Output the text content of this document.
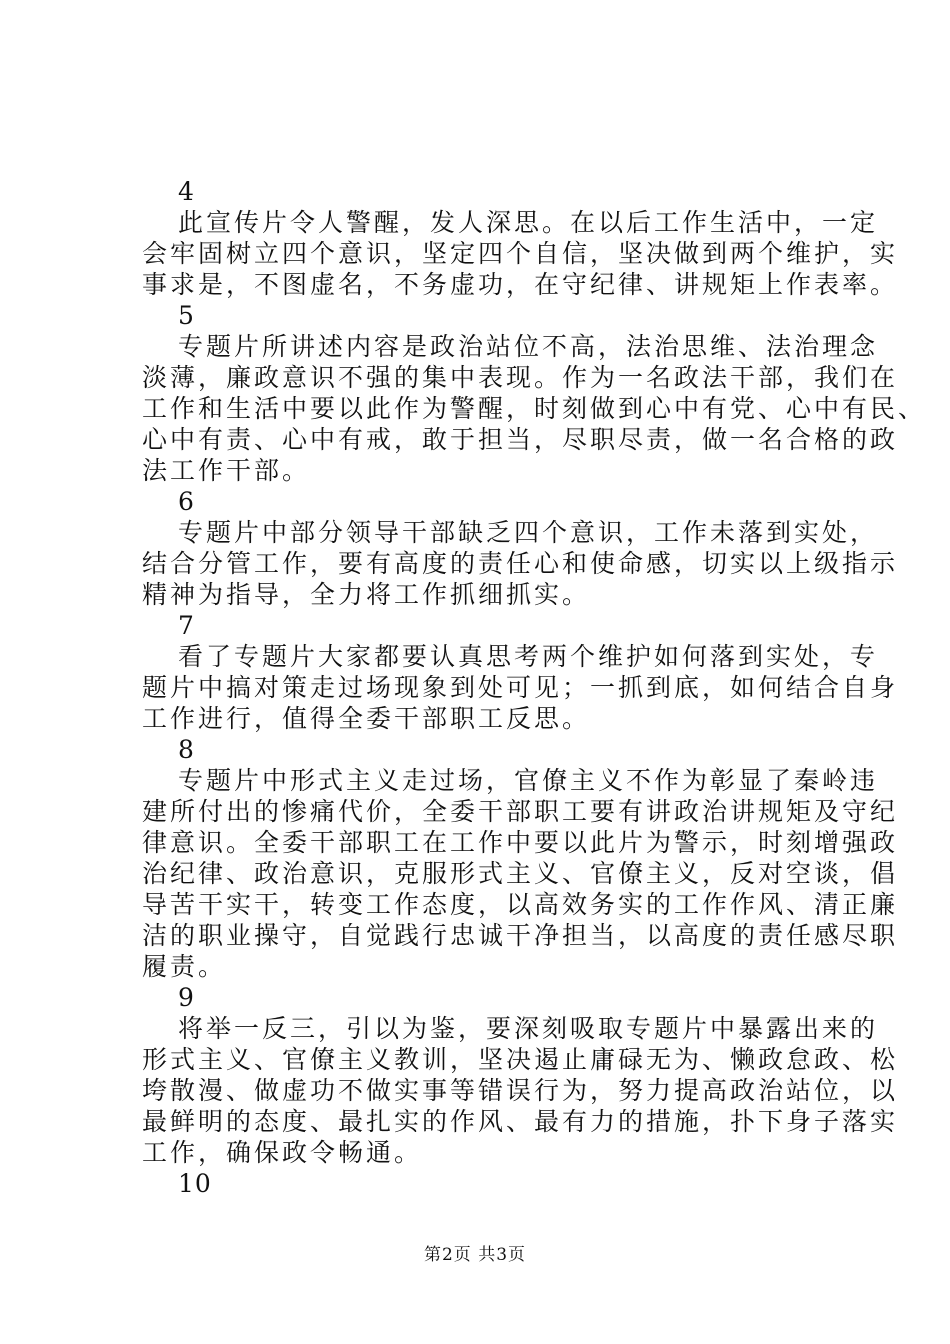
4

此宣传片令人警醒，发人深思。在以后工作生活中，一定
会牢固树立四个意识，坚定四个自信，坚决做到两个维护，实
事求是，不图虚名，不务虚功，在守纪律、讲规矩上作表率。

5

专题片所讲述内容是政治站位不高，法治思维、法治理念
淡薄，廉政意识不强的集中表现。作为一名政法干部，我们在
工作和生活中要以此作为警醒，时刻做到心中有党、心中有民、
心中有责、心中有戒，敢于担当，尽职尽责，做一名合格的政
法工作干部。

6

专题片中部分领导干部缺乏四个意识，工作未落到实处，
结合分管工作，要有高度的责任心和使命感，切实以上级指示
精神为指导，全力将工作抓细抓实。

7

看了专题片大家都要认真思考两个维护如何落到实处，专
题片中搞对策走过场现象到处可见；一抓到底，如何结合自身
工作进行，值得全委干部职工反思。

8

专题片中形式主义走过场，官僚主义不作为彰显了秦岭违
建所付出的惨痛代价，全委干部职工要有讲政治讲规矩及守纪
律意识。全委干部职工在工作中要以此片为警示，时刻增强政
治纪律、政治意识，克服形式主义、官僚主义，反对空谈，倡
导苦干实干，转变工作态度，以高效务实的工作作风、清正廉
洁的职业操守，自觉践行忠诚干净担当，以高度的责任感尽职
履责。

9

将举一反三，引以为鉴，要深刻吸取专题片中暴露出来的
形式主义、官僚主义教训，坚决遏止庸碌无为、懒政怠政、松
垮散漫、做虚功不做实事等错误行为，努力提高政治站位，以
最鲜明的态度、最扎实的作风、最有力的措施，扑下身子落实
工作，确保政令畅通。

10
第2页 共3页
